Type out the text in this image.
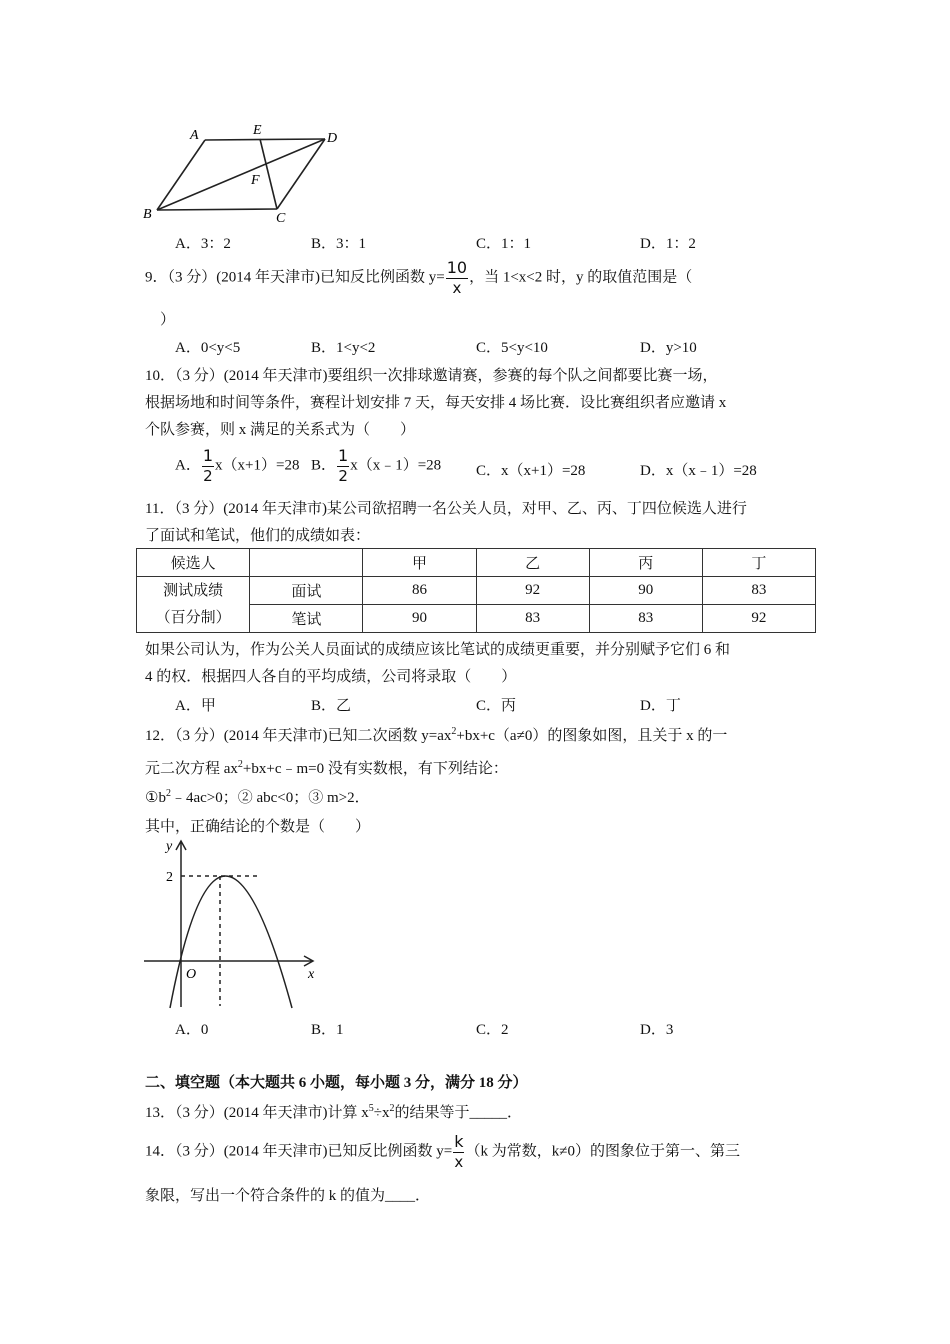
A	E
D
F
B	C
A．3：2	B．3：1	C．1：1	D．1：2
9．（3 分）(2014 年天津市)已知反比例函数 $y= \frac{10}{x}$ ，当 1<x<2 时，y 的取值范围是（
）
A．0<y<5	B．1<y<2	C．5<y<10	D．y>10
10．（3 分）(2014 年天津市)要组织一次排球邀请赛，参赛的每个队之间都要比赛一场，
根据场地和时间等条件，赛程计划安排 7 天，每天安排 4 场比赛．设比赛组织者应邀请 x
个队参赛，则 x 满足的关系式为（　　）
A． $\frac{1}{2} x(x+1)=28$ B． $\frac{1}{2}$ x（x﹣1）=28 C．x（x+1）=28	D．x（x﹣1）=28
11．（3 分）(2014 年天津市)某公司欲招聘一名公关人员，对甲、乙、丙、丁四位候选人进行
了面试和笔试，他们的成绩如表：
候选人		甲	乙	丙	丁

测试成绩
（百分制）	面试	86	92	90	83
	笔试	90	83	83	92
如果公司认为，作为公关人员面试的成绩应该比笔试的成绩更重要，并分别赋予它们 6 和
4 的权．根据四人各自的平均成绩，公司将录取（　　）
A．甲	B．乙	C．丙	D．丁
12．（3 分）(2014 年天津市)已知二次函数 $y=ax^2+bx+c(a\ne 0)$的图象如图，且关于 x 的一
元二次方程 $ax^2+bx+c﹣m=0$ 没有实数根，有下列结论：
$①b^2﹣4ac>0$；② abc<0；③ m>2．
其中，正确结论的个数是（　　）
y
x
O
2
A．0	B．1	C．2	D．3
二、填空题（本大题共 6 小题，每小题 3 分，满分 18 分）
13．（3 分）(2014 年天津市)计算 $x^5\div x^2$的结果等于_____．
14．（3 分）(2014 年天津市)已知反比例函数 $y= \frac{k}{x} (k$ 为常数，k≠0）的图象位于第一、第三
象限，写出一个符合条件的 k 的值为____．
